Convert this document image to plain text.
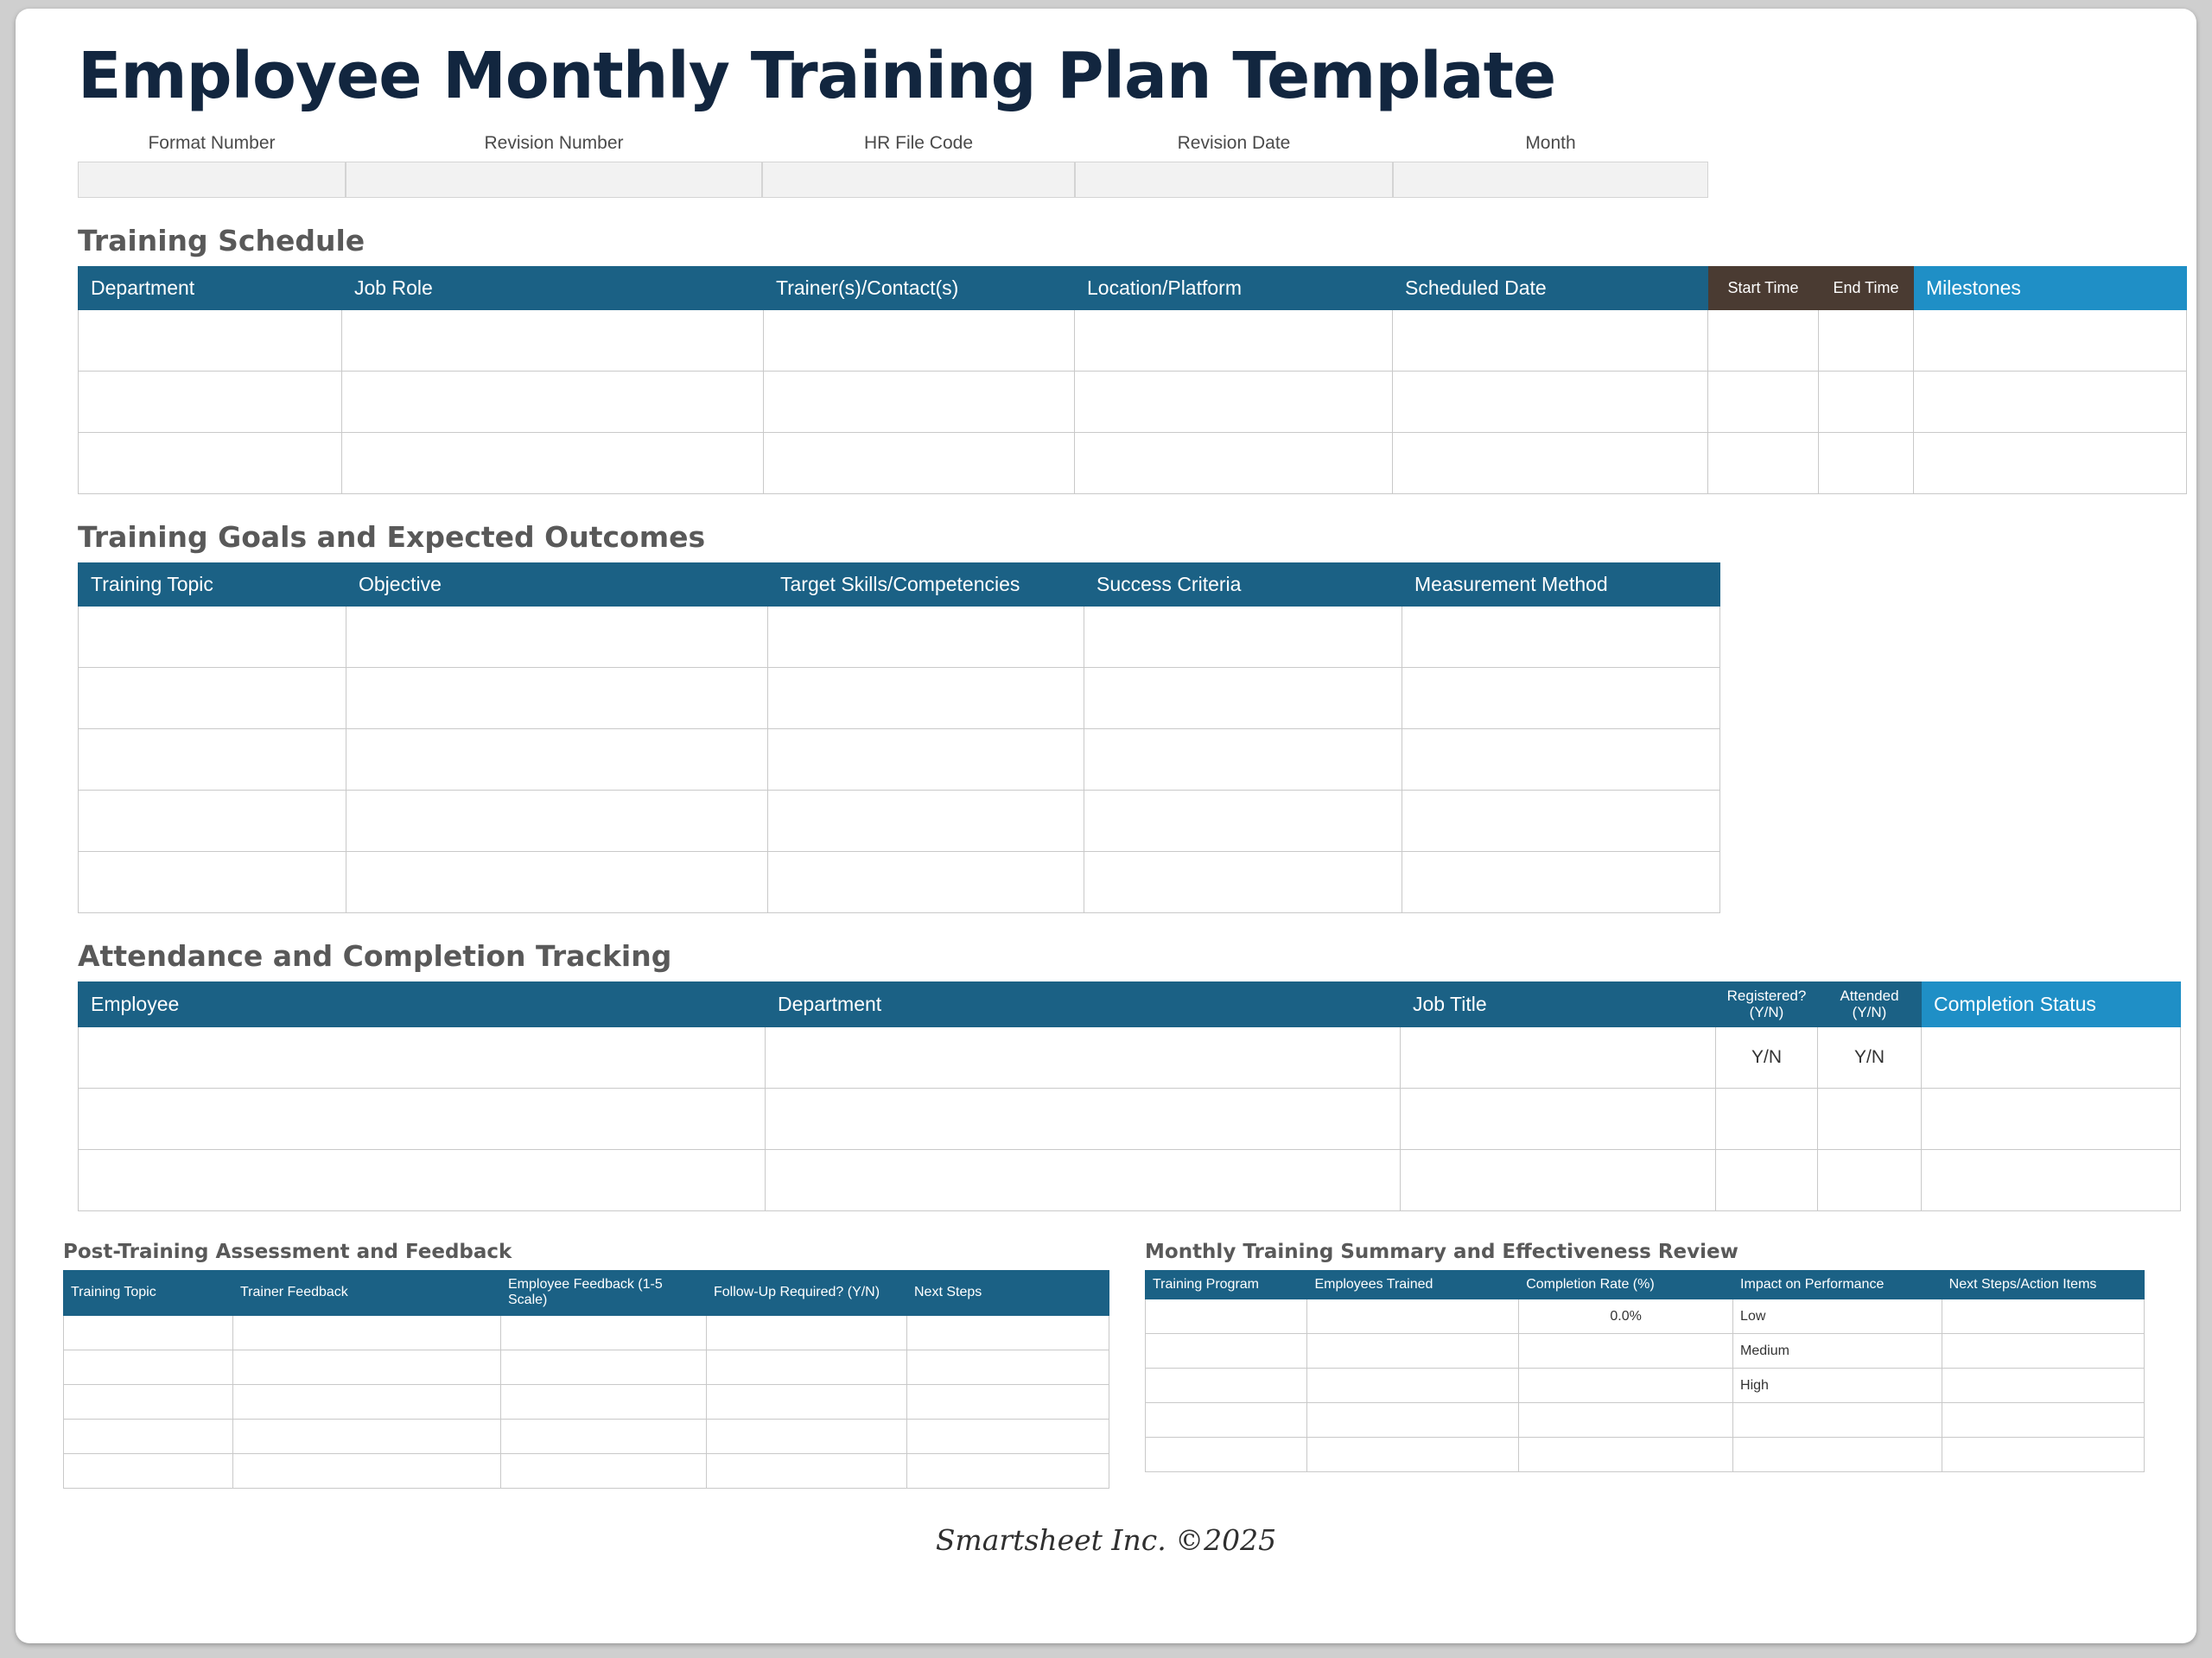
Employee Monthly Training Plan Template
Format Number	Revision Number	HR File Code	Revision Date	Month
Training Schedule
Department	Job Role	Trainer(s)/Contact(s)	Location/Platform	Scheduled Date	Start Time	End Time	Milestones

Training Goals and Expected Outcomes
Training Topic	Objective	Target Skills/Competencies	Success Criteria	Measurement Method

Attendance and Completion Tracking
Employee	Department	Job Title	Registered? (Y/N)	Attended (Y/N)	Completion Status
			Y/N	Y/N	

Post-Training Assessment and Feedback
Training Topic	Trainer Feedback	Employee Feedback (1-5 Scale)	Follow-Up Required? (Y/N)	Next Steps

Monthly Training Summary and Effectiveness Review
Training Program	Employees Trained	Completion Rate (%)	Impact on Performance	Next Steps/Action Items
		0.0%	Low	
			Medium	
			High	

Smartsheet Inc. ©2025
